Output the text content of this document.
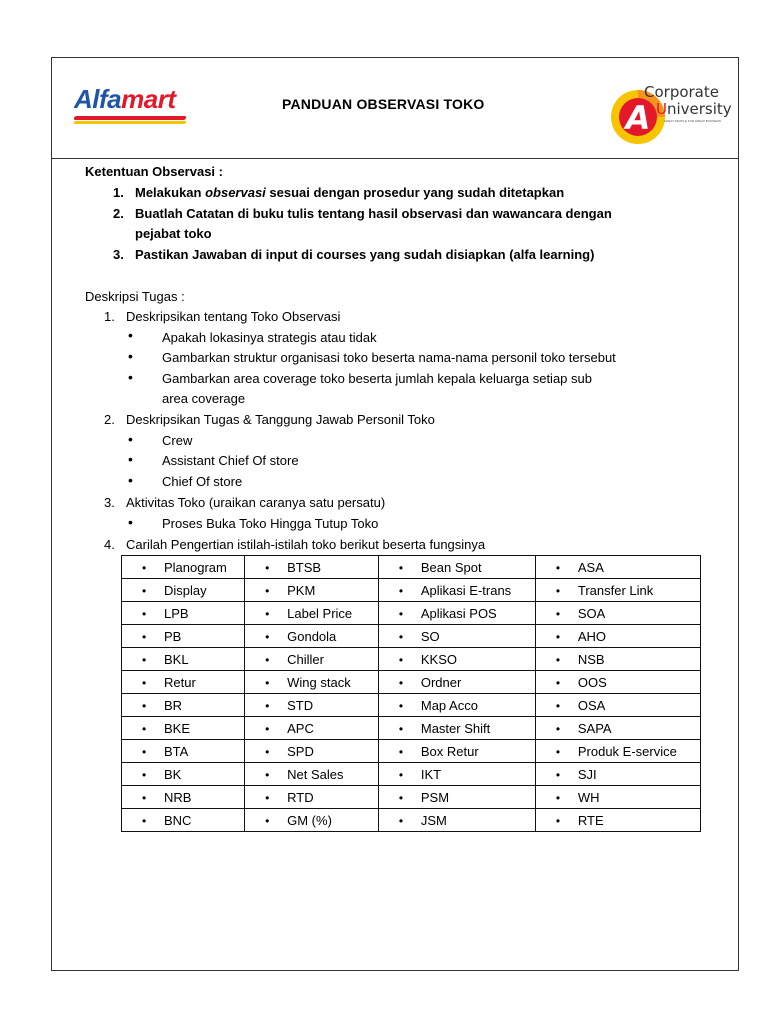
Alfamart	PANDUAN OBSERVASI TOKO	A
Corporate
University
GREAT PEOPLE FOR GREAT BUSINESS
Ketentuan Observasi :
1. Melakukan observasi sesuai dengan prosedur yang sudah ditetapkan
2. Buatlah Catatan di buku tulis tentang hasil observasi dan wawancara dengan
pejabat toko
3. Pastikan Jawaban di input di courses yang sudah disiapkan (alfa learning)
Deskripsi Tugas :
1. Deskripsikan tentang Toko Observasi
• Apakah lokasinya strategis atau tidak
• Gambarkan struktur organisasi toko beserta nama-nama personil toko tersebut
• Gambarkan area coverage toko beserta jumlah kepala keluarga setiap sub
area coverage
2. Deskripsikan Tugas & Tanggung Jawab Personil Toko
• Crew
• Assistant Chief Of store
• Chief Of store
3. Aktivitas Toko (uraikan caranya satu persatu)
• Proses Buka Toko Hingga Tutup Toko
4. Carilah Pengertian istilah-istilah toko berikut beserta fungsinya
• Planogram	• BTSB	• Bean Spot	• ASA
• Display	• PKM	• Aplikasi E-trans	• Transfer Link
• LPB	• Label Price	• Aplikasi POS	• SOA
• PB	• Gondola	• SO	• AHO
• BKL	• Chiller	• KKSO	• NSB
• Retur	• Wing stack	• Ordner	• OOS
• BR	• STD	• Map Acco	• OSA
• BKE	• APC	• Master Shift	• SAPA
• BTA	• SPD	• Box Retur	• Produk E-service
• BK	• Net Sales	• IKT	• SJI
• NRB	• RTD	• PSM	• WH
• BNC	• GM (%)	• JSM	• RTE
